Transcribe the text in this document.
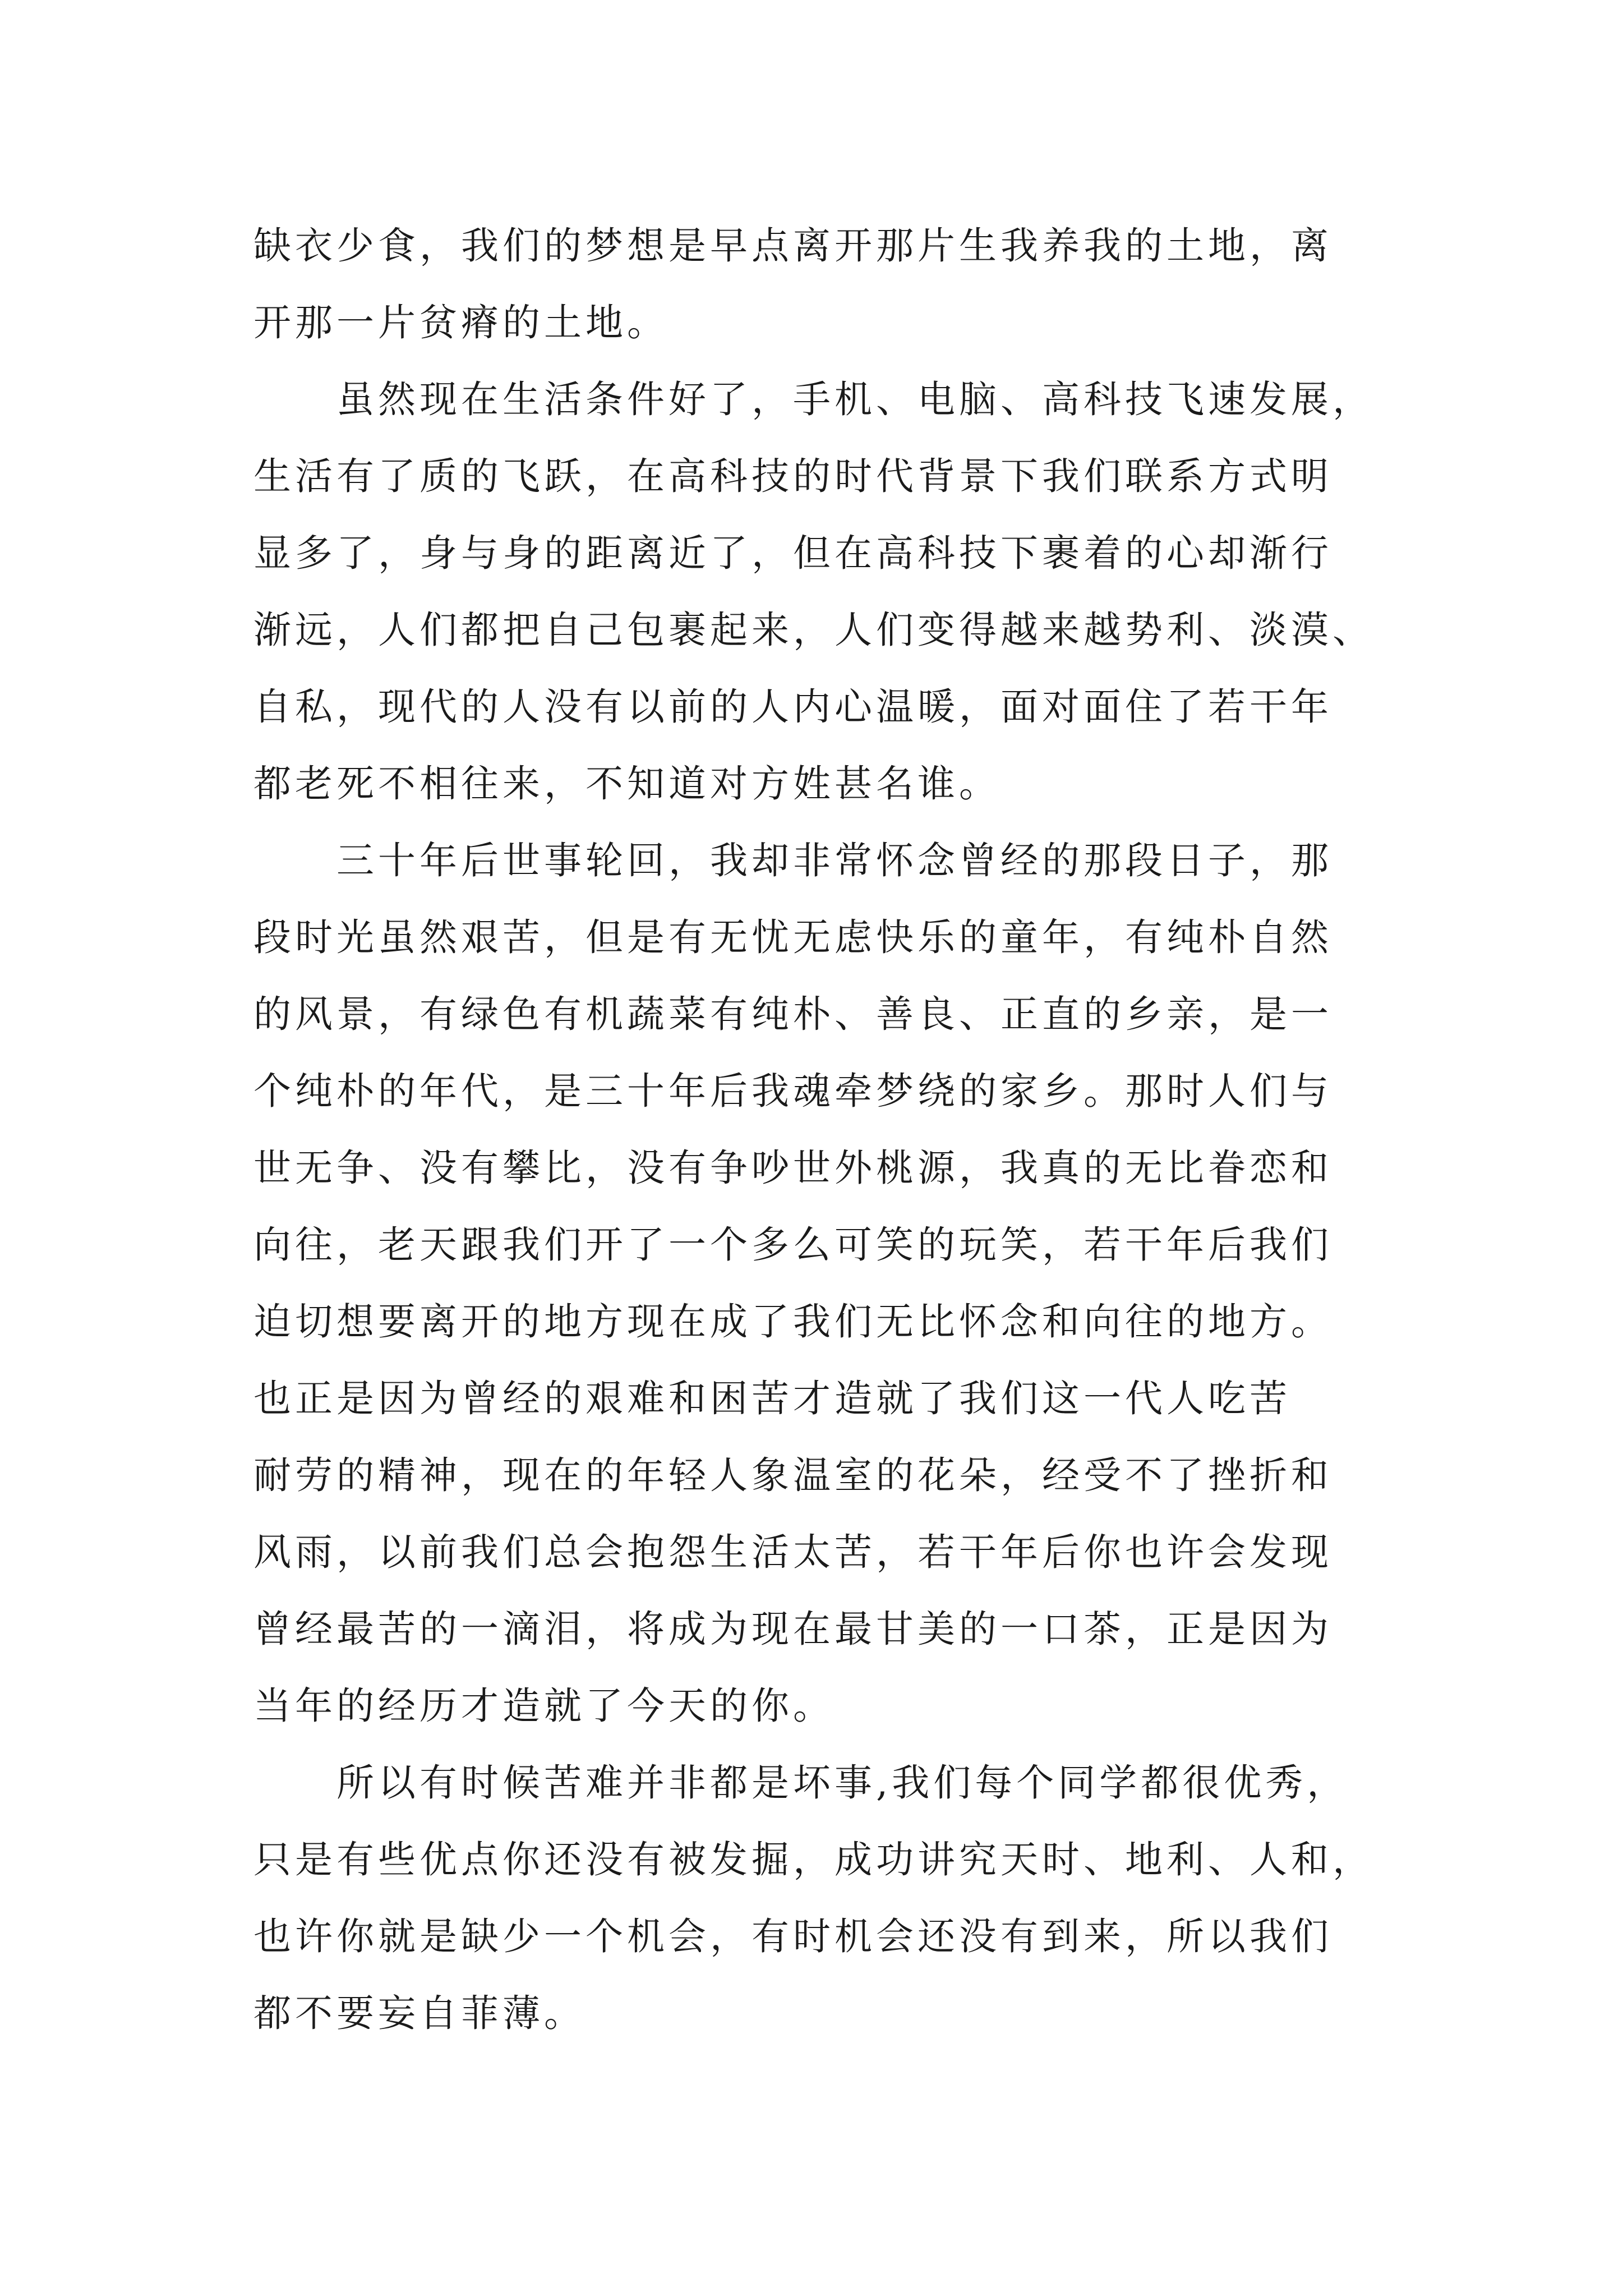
缺衣少食，我们的梦想是早点离开那片生我养我的土地，离
开那一片贫瘠的土地。
虽然现在生活条件好了，手机、电脑、高科技飞速发展，
生活有了质的飞跃，在高科技的时代背景下我们联系方式明
显多了，身与身的距离近了，但在高科技下裹着的心却渐行
渐远，人们都把自己包裹起来，人们变得越来越势利、淡漠、
自私，现代的人没有以前的人内心温暖，面对面住了若干年
都老死不相往来，不知道对方姓甚名谁。
三十年后世事轮回，我却非常怀念曾经的那段日子，那
段时光虽然艰苦，但是有无忧无虑快乐的童年，有纯朴自然
的风景，有绿色有机蔬菜有纯朴、善良、正直的乡亲，是一
个纯朴的年代，是三十年后我魂牵梦绕的家乡。那时人们与
世无争、没有攀比，没有争吵世外桃源，我真的无比眷恋和
向往，老天跟我们开了一个多么可笑的玩笑，若干年后我们
迫切想要离开的地方现在成了我们无比怀念和向往的地方。
也正是因为曾经的艰难和困苦才造就了我们这一代人吃苦
耐劳的精神，现在的年轻人象温室的花朵，经受不了挫折和
风雨，以前我们总会抱怨生活太苦，若干年后你也许会发现
曾经最苦的一滴泪，将成为现在最甘美的一口茶，正是因为
当年的经历才造就了今天的你。
所以有时候苦难并非都是坏事,我们每个同学都很优秀，
只是有些优点你还没有被发掘，成功讲究天时、地利、人和，
也许你就是缺少一个机会，有时机会还没有到来，所以我们
都不要妄自菲薄。
